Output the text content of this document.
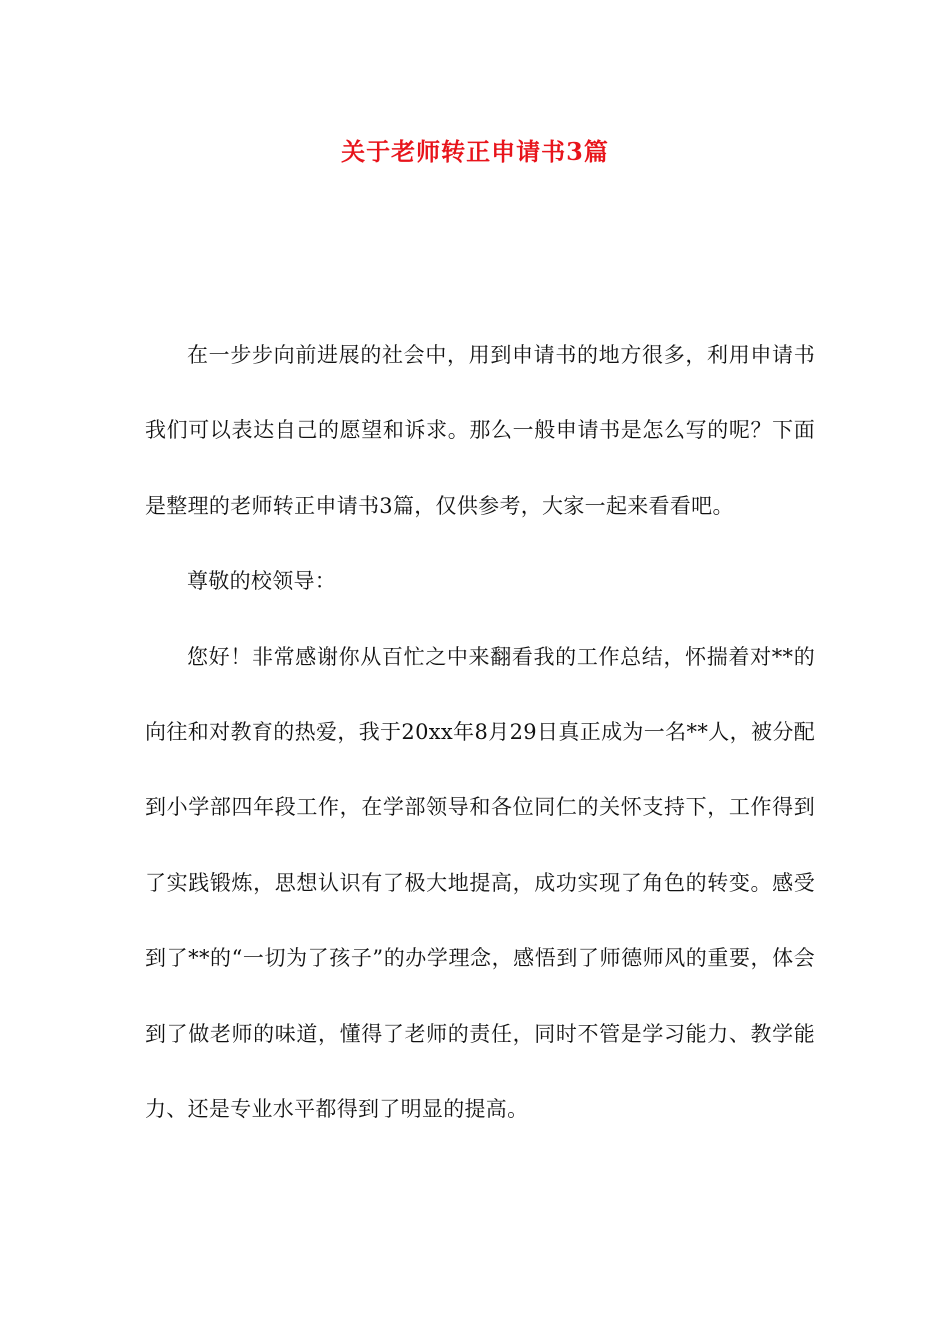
关于老师转正申请书3篇

在一步步向前进展的社会中，用到申请书的地方很多，利用申请书我们可以表达自己的愿望和诉求。那么一般申请书是怎么写的呢？下面是整理的老师转正申请书3篇，仅供参考，大家一起来看看吧。

尊敬的校领导：

您好！非常感谢你从百忙之中来翻看我的工作总结，怀揣着对**的向往和对教育的热爱，我于20xx年8月29日真正成为一名**人，被分配到小学部四年段工作，在学部领导和各位同仁的关怀支持下，工作得到了实践锻炼，思想认识有了极大地提高，成功实现了角色的转变。感受到了**的“一切为了孩子”的办学理念，感悟到了师德师风的重要，体会到了做老师的味道，懂得了老师的责任，同时不管是学习能力、教学能力、还是专业水平都得到了明显的提高。
